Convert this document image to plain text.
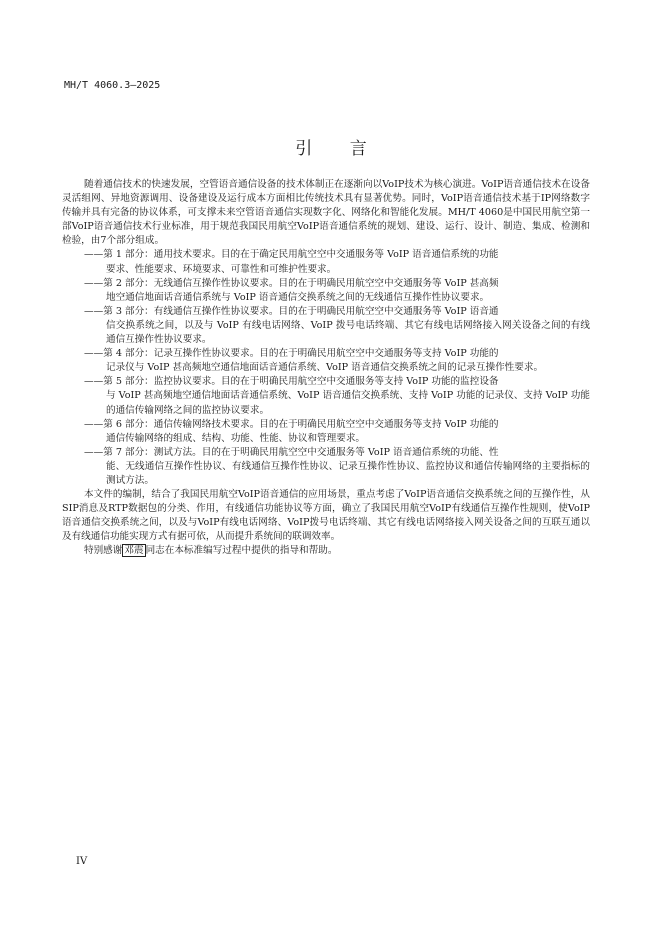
MH/T 4060.3—2025
引 言

随着通信技术的快速发展，空管语音通信设备的技术体制正在逐渐向以VoIP技术为核心演进。VoIP语音通信技术在设备灵活组网、异地资源调用、设备建设及运行成本方面相比传统技术具有显著优势。同时，VoIP语音通信技术基于IP网络数字传输并具有完备的协议体系，可支撑未来空管语音通信实现数字化、网络化和智能化发展。MH/T 4060是中国民用航空第一部VoIP语音通信技术行业标准，用于规范我国民用航空VoIP语音通信系统的规划、建设、运行、设计、制造、集成、检测和检验，由7个部分组成。

——第 1 部分：通用技术要求。目的在于确定民用航空空中交通服务等 VoIP 语音通信系统的功能
要求、性能要求、环境要求、可靠性和可维护性要求。
——第 2 部分：无线通信互操作性协议要求。目的在于明确民用航空空中交通服务等 VoIP 甚高频
地空通信地面话音通信系统与 VoIP 语音通信交换系统之间的无线通信互操作性协议要求。
——第 3 部分：有线通信互操作性协议要求。目的在于明确民用航空空中交通服务等 VoIP 语音通
信交换系统之间，以及与 VoIP 有线电话网络、VoIP 拨号电话终端、其它有线电话网络接入网关设备之间的有线通信互操作性协议要求。
——第 4 部分：记录互操作性协议要求。目的在于明确民用航空空中交通服务等支持 VoIP 功能的
记录仪与 VoIP 甚高频地空通信地面话音通信系统、VoIP 语音通信交换系统之间的记录互操作性要求。
——第 5 部分：监控协议要求。目的在于明确民用航空空中交通服务等支持 VoIP 功能的监控设备
与 VoIP 甚高频地空通信地面话音通信系统、VoIP 语音通信交换系统、支持 VoIP 功能的记录仪、支持 VoIP 功能的通信传输网络之间的监控协议要求。
——第 6 部分：通信传输网络技术要求。目的在于明确民用航空空中交通服务等支持 VoIP 功能的
通信传输网络的组成、结构、功能、性能、协议和管理要求。
——第 7 部分：测试方法。目的在于明确民用航空空中交通服务等 VoIP 语音通信系统的功能、性
能、无线通信互操作性协议、有线通信互操作性协议、记录互操作性协议、监控协议和通信传输网络的主要指标的测试方法。

本文件的编制，结合了我国民用航空VoIP语音通信的应用场景，重点考虑了VoIP语音通信交换系统之间的互操作性，从SIP消息及RTP数据包的分类、作用，有线通信功能协议等方面，确立了我国民用航空VoIP有线通信互操作性规则，使VoIP语音通信交换系统之间，以及与VoIP有线电话网络、VoIP拨号电话终端、其它有线电话网络接入网关设备之间的互联互通以及有线通信功能实现方式有据可依，从而提升系统间的联调效率。

特别感谢 邓震 同志在本标准编写过程中提供的指导和帮助。

IV
